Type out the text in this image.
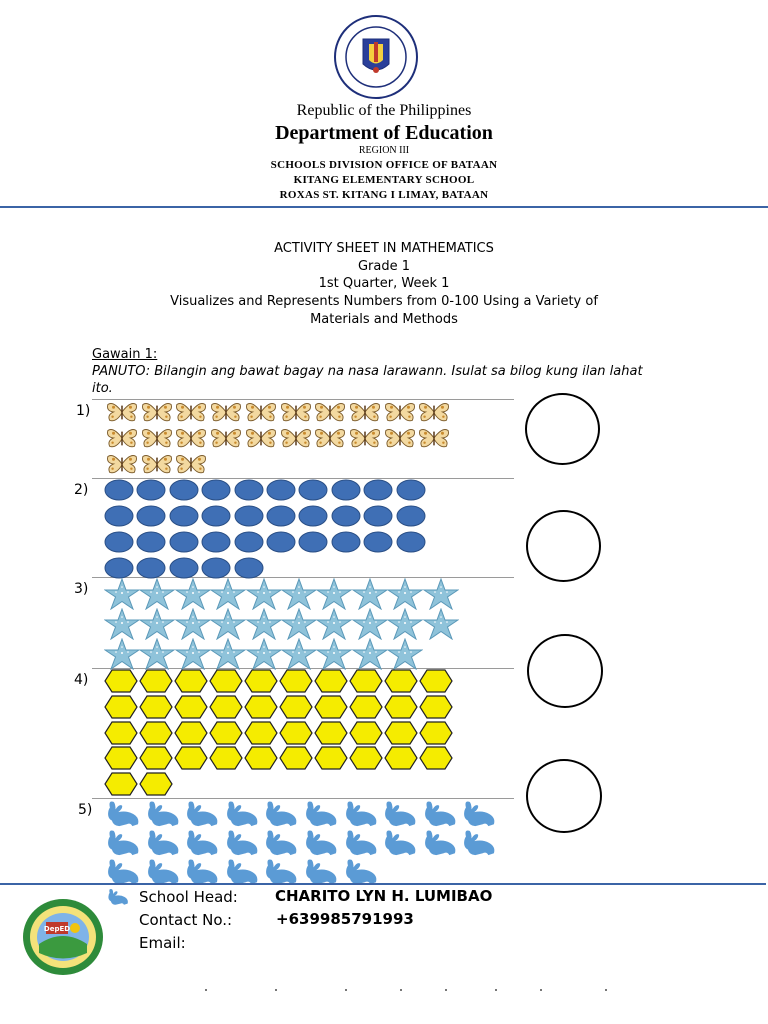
Republic of the Philippines
Department of Education
REGION III
SCHOOLS DIVISION OFFICE OF BATAAN
KITANG ELEMENTARY SCHOOL
ROXAS ST. KITANG I LIMAY, BATAAN
ACTIVITY SHEET IN MATHEMATICS
Grade 1
1st Quarter, Week 1
Visualizes and Represents Numbers from 0-100 Using a Variety of
Materials and Methods
Gawain 1:
PANUTO: Bilangin ang bawat bagay na nasa larawann. Isulat sa bilog kung ilan lahat
ito.
1)
2)
3)
4)
5)
DepED
School Head: CHARITO LYN H. LUMIBAO
Contact No.:	+639985791993
Email:
